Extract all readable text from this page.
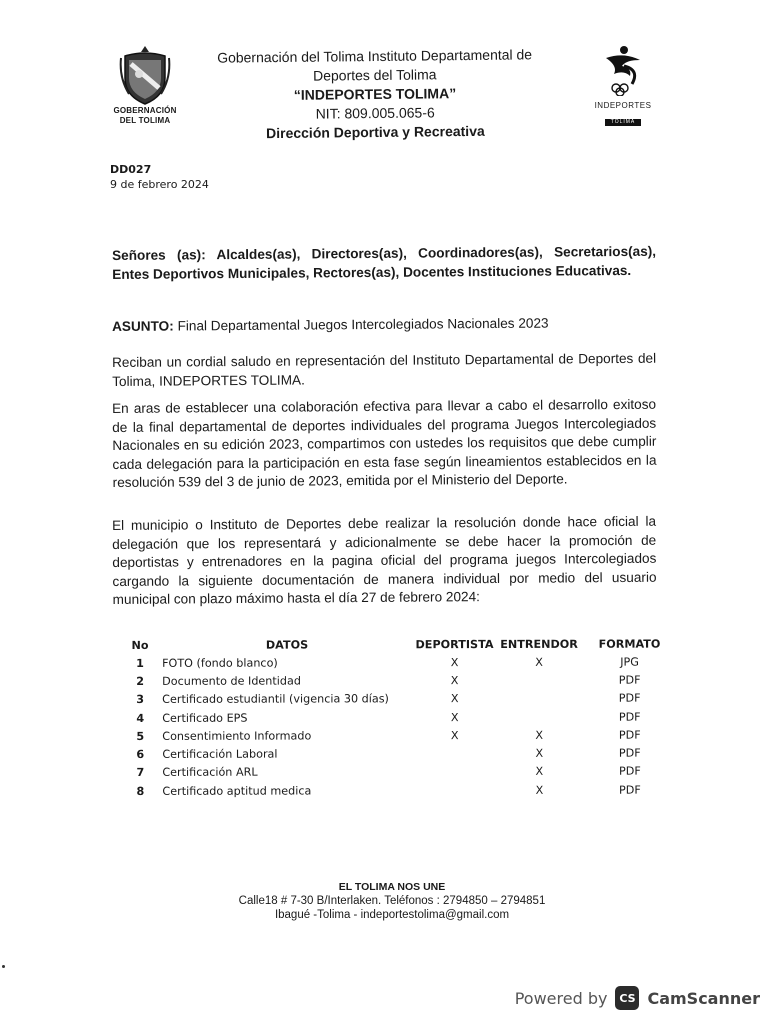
GOBERNACIÓN
DEL TOLIMA
Gobernación del Tolima Instituto Departamental de
Deportes del Tolima
“INDEPORTES TOLIMA”
NIT: 809.005.065-6
Dirección Deportiva y Recreativa
INDEPORTES
TOLIMA
DD027
9 de febrero 2024
Señores (as): Alcaldes(as), Directores(as), Coordinadores(as), Secretarios(as), Entes Deportivos Municipales, Rectores(as), Docentes Instituciones Educativas.
ASUNTO: Final Departamental Juegos Intercolegiados Nacionales 2023
Reciban un cordial saludo en representación del Instituto Departamental de Deportes del Tolima, INDEPORTES TOLIMA.
En aras de establecer una colaboración efectiva para llevar a cabo el desarrollo exitoso de la final departamental de deportes individuales del programa Juegos Intercolegiados Nacionales en su edición 2023, compartimos con ustedes los requisitos que debe cumplir cada delegación para la participación en esta fase según lineamientos establecidos en la resolución 539 del 3 de junio de 2023, emitida por el Ministerio del Deporte.
El municipio o Instituto de Deportes debe realizar la resolución donde hace oficial la delegación que los representará y adicionalmente se debe hacer la promoción de deportistas y entrenadores en la pagina oficial del programa juegos Intercolegiados cargando la siguiente documentación de manera individual por medio del usuario municipal con plazo máximo hasta el día 27 de febrero 2024:
No	DATOS	DEPORTISTA	ENTRENDOR	FORMATO
1	FOTO (fondo blanco)	X	X	JPG
2	Documento de Identidad	X		PDF
3	Certificado estudiantil (vigencia 30 días)	X		PDF
4	Certificado EPS	X		PDF
5	Consentimiento Informado	X	X	PDF
6	Certificación Laboral		X	PDF
7	Certificación ARL		X	PDF
8	Certificado aptitud medica		X	PDF
EL TOLIMA NOS UNE
Calle18 # 7-30 B/Interlaken. Teléfonos : 2794850 – 2794851
Ibagué -Tolima - indeportestolima@gmail.com
Powered by	CS CamScanner
